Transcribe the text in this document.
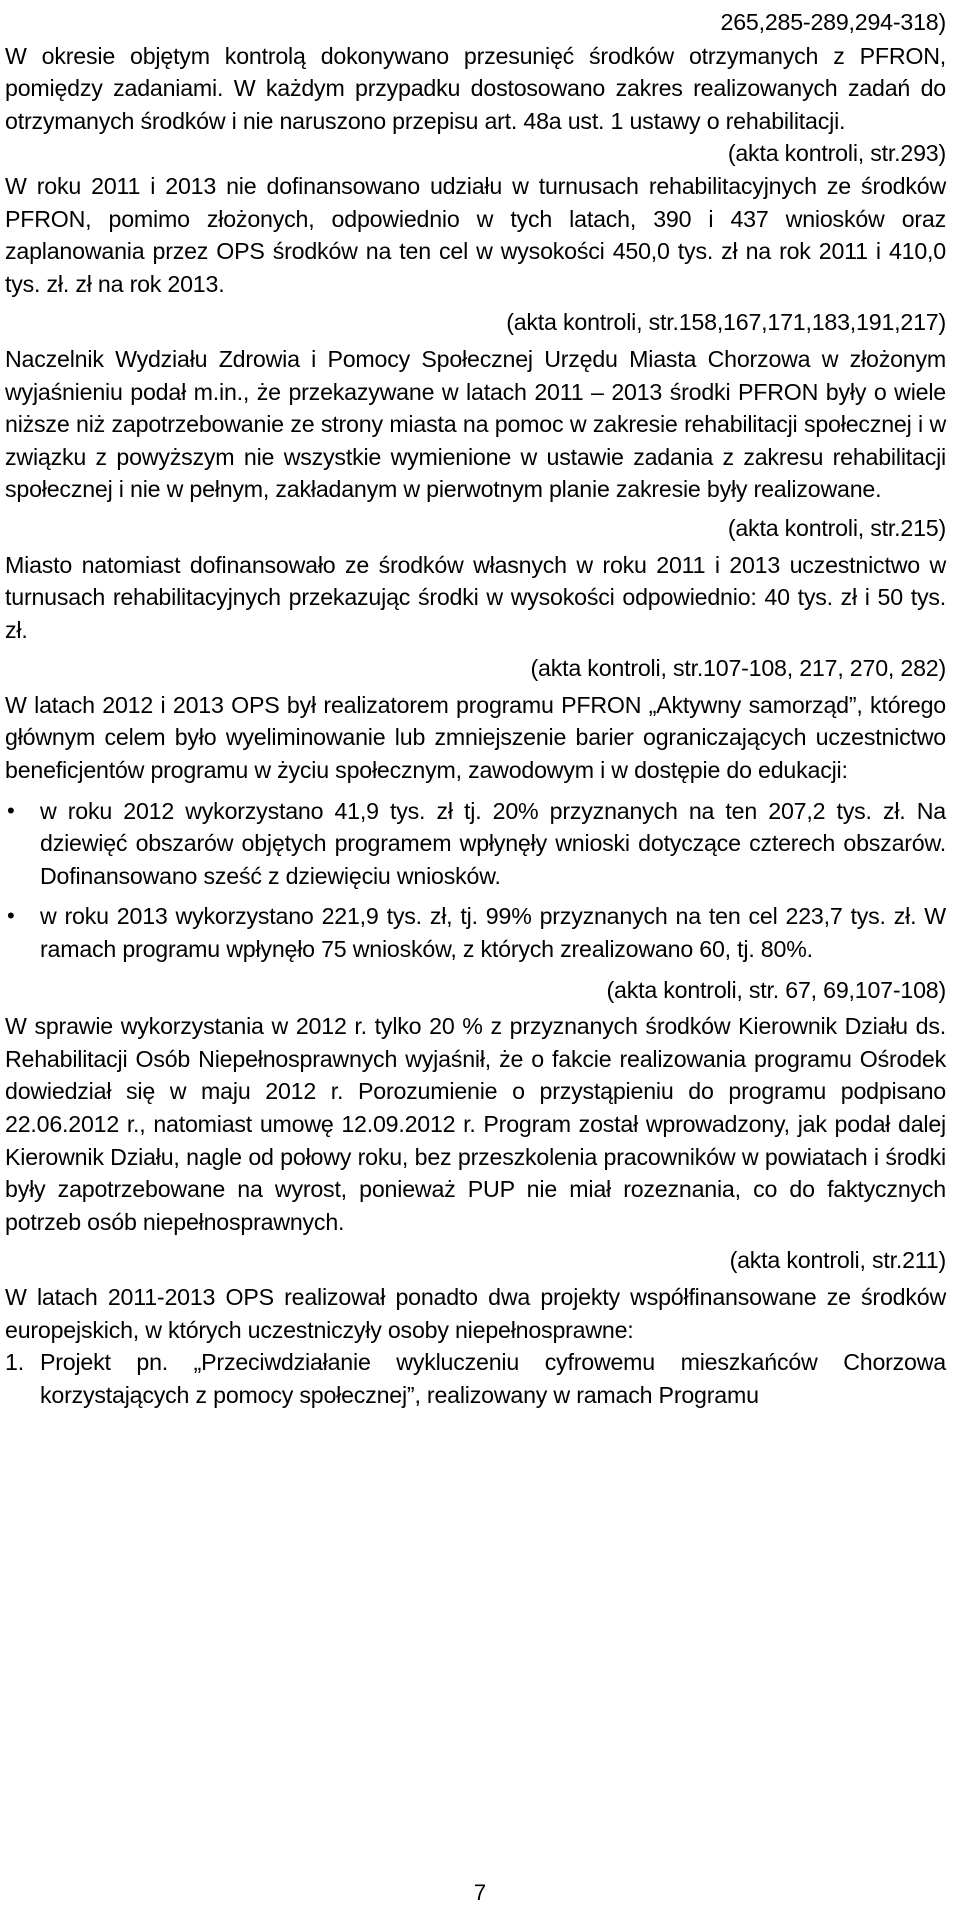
265,285-289,294-318)

W okresie objętym kontrolą dokonywano przesunięć środków otrzymanych z PFRON, pomiędzy zadaniami. W każdym przypadku dostosowano zakres realizowanych zadań do otrzymanych środków i nie naruszono przepisu art. 48a ust. 1 ustawy o rehabilitacji.

(akta kontroli, str.293)

W roku 2011 i 2013 nie dofinansowano udziału w turnusach rehabilitacyjnych ze środków PFRON, pomimo złożonych, odpowiednio w tych latach, 390 i 437 wniosków oraz zaplanowania przez OPS środków na ten cel w wysokości 450,0 tys. zł na rok 2011 i 410,0 tys. zł. zł na rok 2013.

(akta kontroli, str.158,167,171,183,191,217)

Naczelnik Wydziału Zdrowia i Pomocy Społecznej Urzędu Miasta Chorzowa w złożonym wyjaśnieniu podał m.in., że przekazywane w latach 2011 – 2013 środki PFRON były o wiele niższe niż zapotrzebowanie ze strony miasta na pomoc w zakresie rehabilitacji społecznej i w związku z powyższym nie wszystkie wymienione w ustawie zadania z zakresu rehabilitacji społecznej i nie w pełnym, zakładanym w pierwotnym planie zakresie były realizowane.

(akta kontroli, str.215)

Miasto natomiast dofinansowało ze środków własnych w roku 2011 i 2013 uczestnictwo w turnusach rehabilitacyjnych przekazując środki w wysokości odpowiednio: 40 tys. zł i 50 tys. zł.

(akta kontroli, str.107-108, 217, 270, 282)

W latach 2012 i 2013 OPS był realizatorem programu PFRON „Aktywny samorząd”, którego głównym celem było wyeliminowanie lub zmniejszenie barier ograniczających uczestnictwo beneficjentów programu w życiu społecznym, zawodowym i w dostępie do edukacji:

• w roku 2012 wykorzystano 41,9 tys. zł tj. 20% przyznanych na ten 207,2 tys. zł. Na dziewięć obszarów objętych programem wpłynęły wnioski dotyczące czterech obszarów. Dofinansowano sześć z dziewięciu wniosków.
• w roku 2013 wykorzystano 221,9 tys. zł, tj. 99% przyznanych na ten cel 223,7 tys. zł. W ramach programu wpłynęło 75 wniosków, z których zrealizowano 60, tj. 80%.

(akta kontroli, str. 67, 69,107-108)

W sprawie wykorzystania w 2012 r. tylko 20 % z przyznanych środków Kierownik Działu ds. Rehabilitacji Osób Niepełnosprawnych wyjaśnił, że o fakcie realizowania programu Ośrodek dowiedział się w maju 2012 r. Porozumienie o przystąpieniu do programu podpisano 22.06.2012 r., natomiast umowę 12.09.2012 r. Program został wprowadzony, jak podał dalej Kierownik Działu, nagle od połowy roku, bez przeszkolenia pracowników w powiatach i środki były zapotrzebowane na wyrost, ponieważ PUP nie miał rozeznania, co do faktycznych potrzeb osób niepełnosprawnych.

(akta kontroli, str.211)

W latach 2011-2013 OPS realizował ponadto dwa projekty współfinansowane ze środków europejskich, w których uczestniczyły osoby niepełnosprawne:

1. Projekt pn. „Przeciwdziałanie wykluczeniu cyfrowemu mieszkańców Chorzowa korzystających z pomocy społecznej”, realizowany w ramach Programu
7
